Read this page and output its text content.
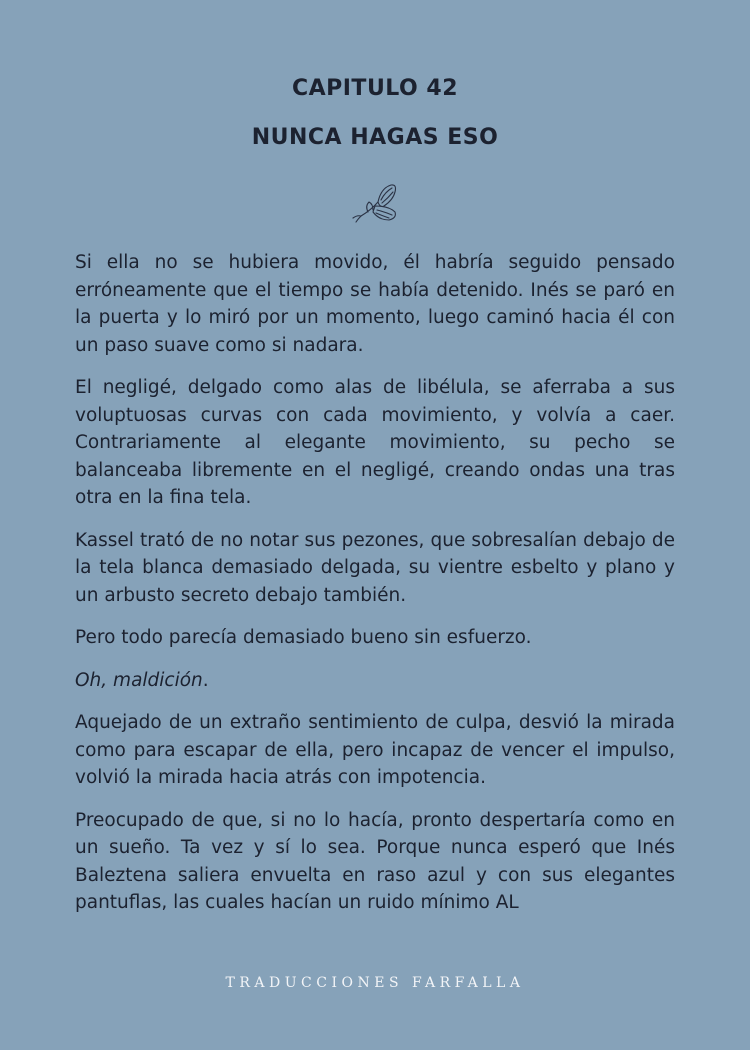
CAPITULO 42
NUNCA HAGAS ESO

Si ella no se hubiera movido, él habría seguido pensado erróneamente que el tiempo se había detenido. Inés se paró en la puerta y lo miró por un momento, luego caminó hacia él con un paso suave como si nadara.

El negligé, delgado como alas de libélula, se aferraba a sus voluptuosas curvas con cada movimiento, y volvía a caer. Contrariamente al elegante movimiento, su pecho se balanceaba libremente en el negligé, creando ondas una tras otra en la fina tela.

Kassel trató de no notar sus pezones, que sobresalían debajo de la tela blanca demasiado delgada, su vientre esbelto y plano y un arbusto secreto debajo también.

Pero todo parecía demasiado bueno sin esfuerzo.

Oh, maldición.

Aquejado de un extraño sentimiento de culpa, desvió la mirada como para escapar de ella, pero incapaz de vencer el impulso, volvió la mirada hacia atrás con impotencia.

Preocupado de que, si no lo hacía, pronto despertaría como en un sueño. Ta vez y sí lo sea. Porque nunca esperó que Inés Baleztena saliera envuelta en raso azul y con sus elegantes pantuflas, las cuales hacían un ruido mínimo AL

TRADUCCIONES FARFALLA
